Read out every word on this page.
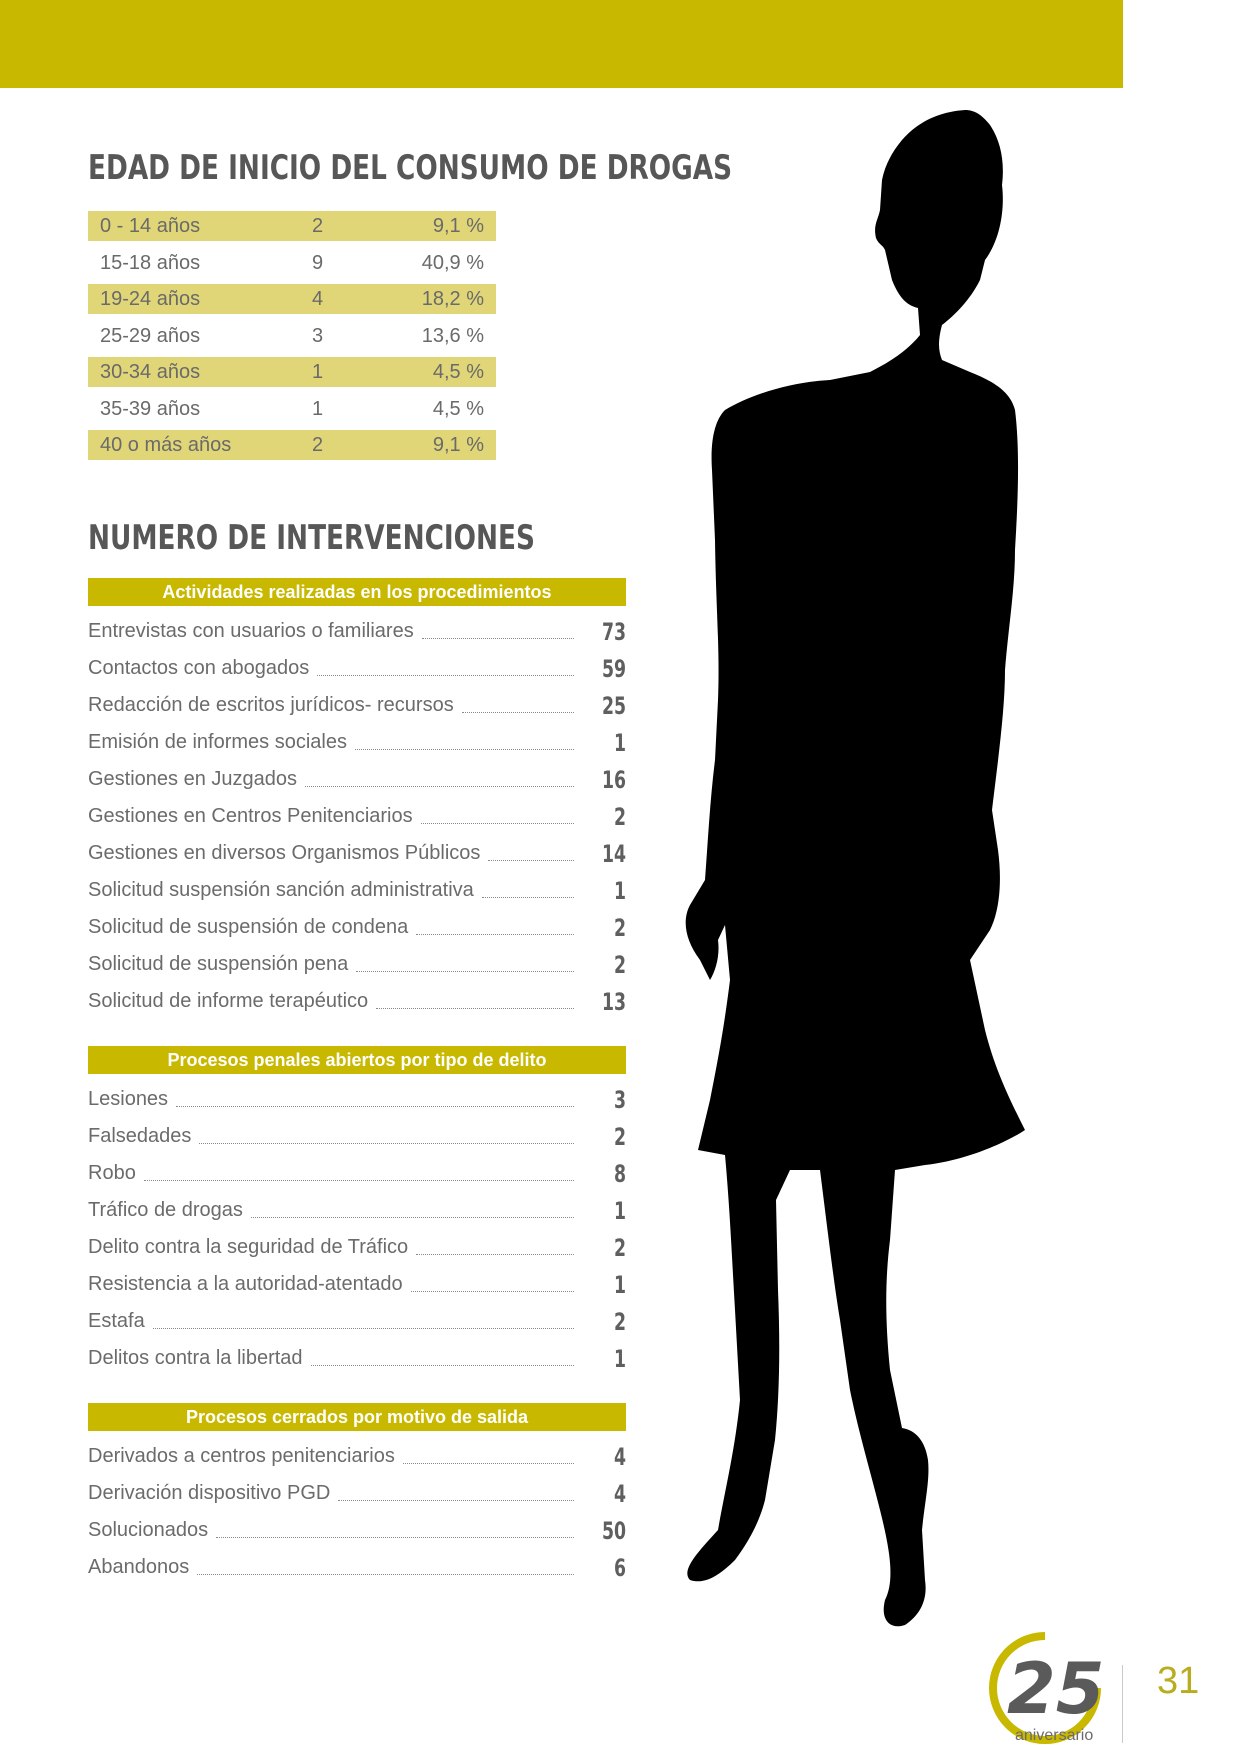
EDAD DE INICIO DEL CONSUMO DE DROGAS
0 - 14 años	2	9,1 %
15-18 años	9	40,9 %
19-24 años	4	18,2 %
25-29 años	3	13,6 %
30-34 años	1	4,5 %
35-39 años	1	4,5 %
40 o más años	2	9,1 %
NUMERO DE INTERVENCIONES
Actividades realizadas en los procedimientos
Entrevistas con usuarios o familiares	73
Contactos con abogados	59
Redacción de escritos jurídicos- recursos	25
Emisión de informes sociales	1
Gestiones en Juzgados	16
Gestiones en Centros Penitenciarios	2
Gestiones en diversos Organismos Públicos	14
Solicitud suspensión sanción administrativa	1
Solicitud de suspensión de condena	2
Solicitud de suspensión pena	2
Solicitud de informe terapéutico	13
Procesos penales abiertos por tipo de delito
Lesiones	3
Falsedades	2
Robo	8
Tráfico de drogas	1
Delito contra la seguridad de Tráfico	2
Resistencia a la autoridad-atentado	1
Estafa	2
Delitos contra la libertad	1
Procesos cerrados por motivo de salida
Derivados a centros penitenciarios	4
Derivación dispositivo PGD	4
Solucionados	50
Abandonos	6
25
aniversario
31
